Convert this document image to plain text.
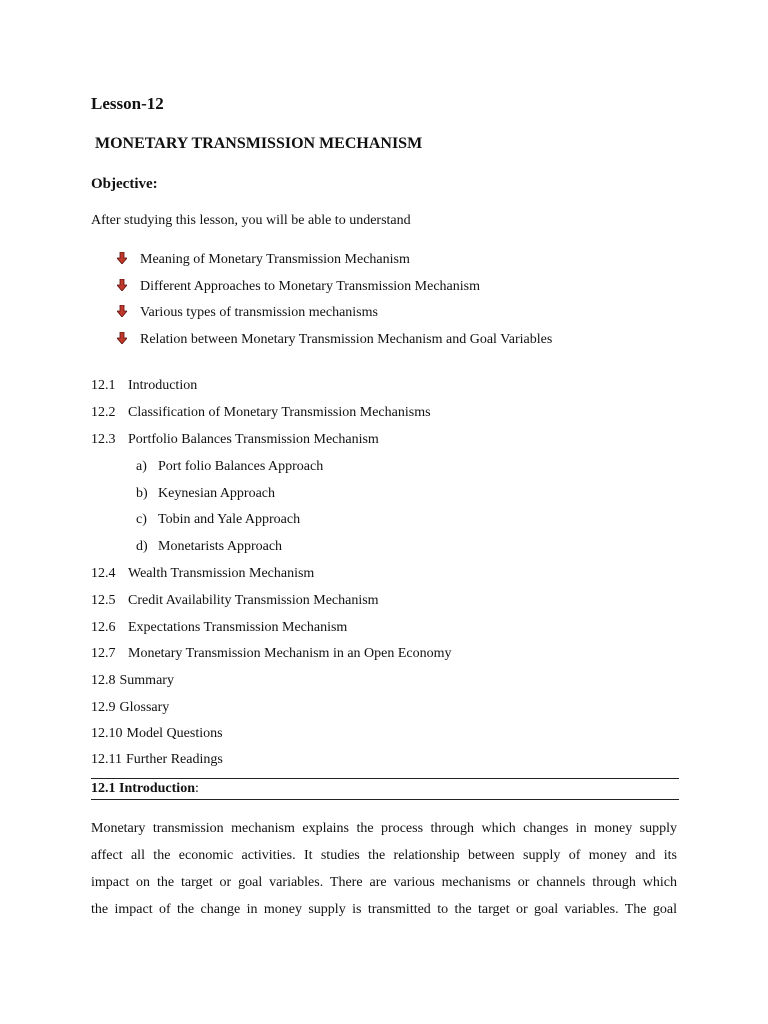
Lesson-12
MONETARY TRANSMISSION MECHANISM
Objective:
After studying this lesson, you will be able to understand
Meaning of Monetary Transmission Mechanism
Different Approaches to Monetary Transmission Mechanism
Various types of transmission mechanisms
Relation between Monetary Transmission Mechanism and Goal Variables
12.1 Introduction
12.2 Classification of Monetary Transmission Mechanisms
12.3 Portfolio Balances Transmission Mechanism
a) Port folio Balances Approach
b) Keynesian Approach
c) Tobin and Yale Approach
d) Monetarists Approach
12.4 Wealth Transmission Mechanism
12.5 Credit Availability Transmission Mechanism
12.6 Expectations Transmission Mechanism
12.7 Monetary Transmission Mechanism in an Open Economy
12.8 Summary
12.9 Glossary
12.10 Model Questions
12.11 Further Readings
12.1 Introduction:
Monetary transmission mechanism explains the process through which changes in money supply
affect all the economic activities. It studies the relationship between supply of money and its
impact on the target or goal variables. There are various mechanisms or channels through which
the impact of the change in money supply is transmitted to the target or goal variables. The goal
